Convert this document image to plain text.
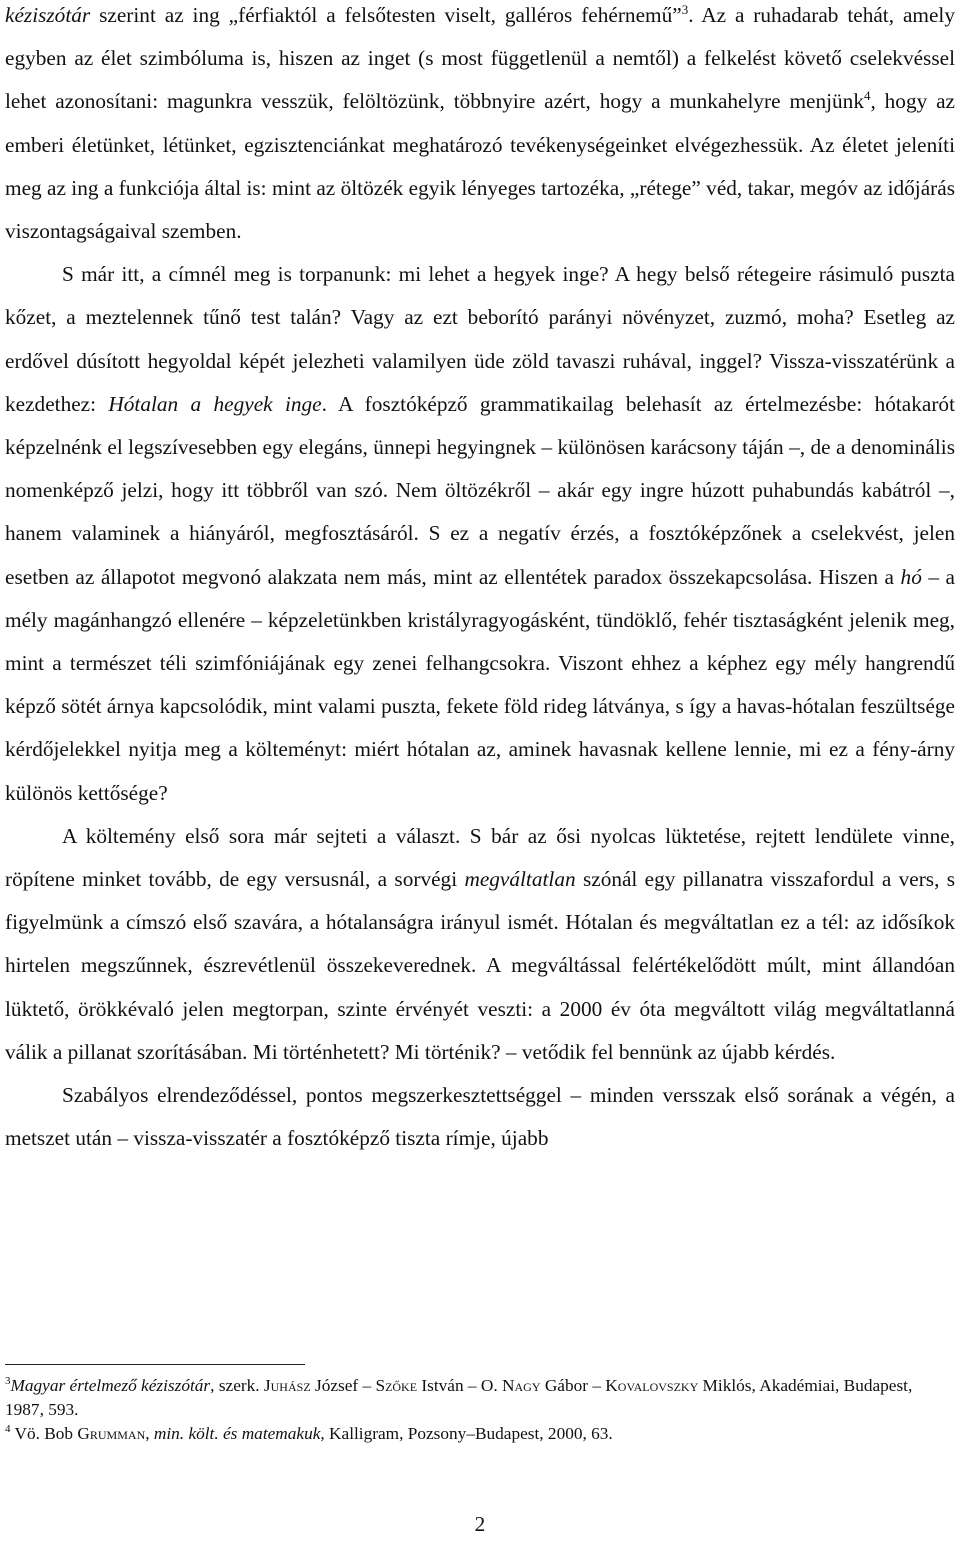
kéziszótár szerint az ing „férfiaktól a felsőtesten viselt, galléros fehérnemű”$^3$. Az a ruhadarab tehát, amely egyben az élet szimbóluma is, hiszen az inget (s most függetlenül a nemtől) a felkelést követő cselekvéssel lehet azonosítani: magunkra vesszük, felöltözünk, többnyire azért, hogy a munkahelyre menjünk$^4$, hogy az emberi életünket, létünket, egzisztenciánkat meghatározó tevékenységeinket elvégezhessük. Az életet jeleníti meg az ing a funkciója által is: mint az öltözék egyik lényeges tartozéka, „rétege” véd, takar, megóv az időjárás viszontagságaival szemben.

S már itt, a címnél meg is torpanunk: mi lehet a hegyek inge? A hegy belső rétegeire rásimuló puszta kőzet, a meztelennek tűnő test talán? Vagy az ezt beborító parányi növényzet, zuzmó, moha? Esetleg az erdővel dúsított hegyoldal képét jelezheti valamilyen üde zöld tavaszi ruhával, inggel? Vissza-visszatérünk a kezdethez: Hótalan a hegyek inge. A fosztóképző grammatikailag belehasít az értelmezésbe: hótakarót képzelnénk el legszívesebben egy elegáns, ünnepi hegyingnek – különösen karácsony táján –, de a denominális nomenképző jelzi, hogy itt többről van szó. Nem öltözékről – akár egy ingre húzott puhabundás kabátról –, hanem valaminek a hiányáról, megfosztásáról. S ez a negatív érzés, a fosztóképzőnek a cselekvést, jelen esetben az állapotot megvonó alakzata nem más, mint az ellentétek paradox összekapcsolása. Hiszen a hó – a mély magánhangzó ellenére – képzeletünkben kristályragyogásként, tündöklő, fehér tisztaságként jelenik meg, mint a természet téli szimfóniájának egy zenei felhangcsokra. Viszont ehhez a képhez egy mély hangrendű képző sötét árnya kapcsolódik, mint valami puszta, fekete föld rideg látványa, s így a havas-hótalan feszültsége kérdőjelekkel nyitja meg a költeményt: miért hótalan az, aminek havasnak kellene lennie, mi ez a fény-árny különös kettősége?

A költemény első sora már sejteti a választ. S bár az ősi nyolcas lüktetése, rejtett lendülete vinne, röpítene minket tovább, de egy versusnál, a sorvégi megváltatlan szónál egy pillanatra visszafordul a vers, s figyelmünk a címszó első szavára, a hótalanságra irányul ismét. Hótalan és megváltatlan ez a tél: az idősíkok hirtelen megszűnnek, észrevétlenül összekeverednek. A megváltással felértékelődött múlt, mint állandóan lüktető, örökkévaló jelen megtorpan, szinte érvényét veszti: a 2000 év óta megváltott világ megváltatlanná válik a pillanat szorításában. Mi történhetett? Mi történik? – vetődik fel bennünk az újabb kérdés.

Szabályos elrendeződéssel, pontos megszerkesztettséggel – minden versszak első sorának a végén, a metszet után – vissza-visszatér a fosztóképző tiszta rímje, újabb

$^3$Magyar értelmező kéziszótár, szerk. Juhász József – Szőke István – O. Nagy Gábor – Kovalovszky Miklós, Akadémiai, Budapest, 1987, 593.

$^4$ Vö. Bob Grumman, min. költ. és matemakuk, Kalligram, Pozsony–Budapest, 2000, 63.

2
